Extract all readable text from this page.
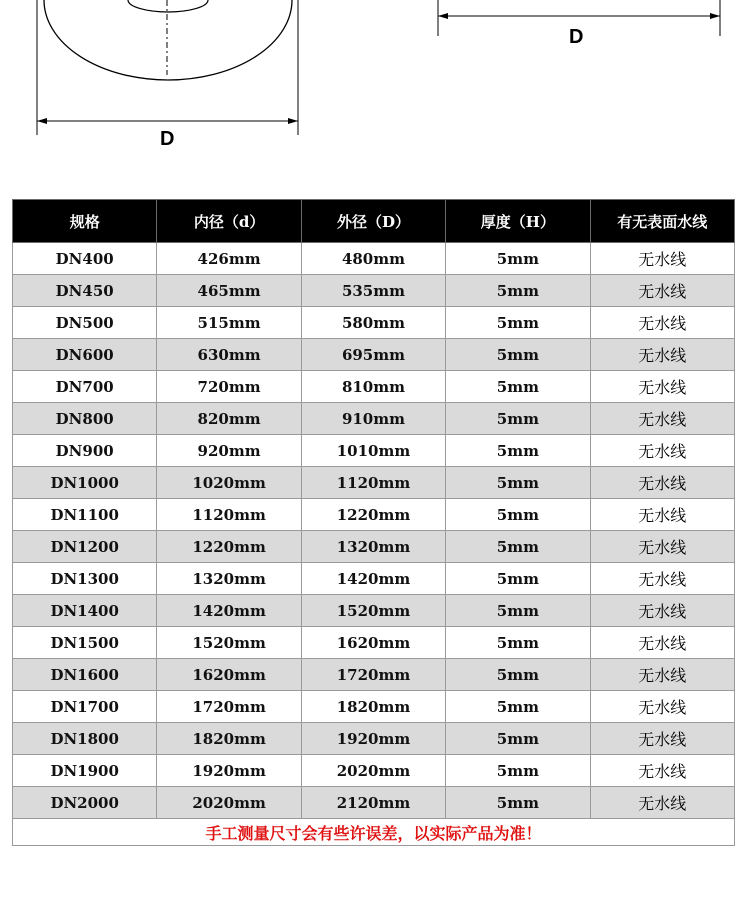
D
D
规格	内径（d）	外径（D）	厚度（H）	有无表面水线
DN400	426mm	480mm	5mm	无水线
DN450	465mm	535mm	5mm	无水线
DN500	515mm	580mm	5mm	无水线
DN600	630mm	695mm	5mm	无水线
DN700	720mm	810mm	5mm	无水线
DN800	820mm	910mm	5mm	无水线
DN900	920mm	1010mm	5mm	无水线
DN1000	1020mm	1120mm	5mm	无水线
DN1100	1120mm	1220mm	5mm	无水线
DN1200	1220mm	1320mm	5mm	无水线
DN1300	1320mm	1420mm	5mm	无水线
DN1400	1420mm	1520mm	5mm	无水线
DN1500	1520mm	1620mm	5mm	无水线
DN1600	1620mm	1720mm	5mm	无水线
DN1700	1720mm	1820mm	5mm	无水线
DN1800	1820mm	1920mm	5mm	无水线
DN1900	1920mm	2020mm	5mm	无水线
DN2000	2020mm	2120mm	5mm	无水线
手工测量尺寸会有些许误差，以实际产品为准！				
